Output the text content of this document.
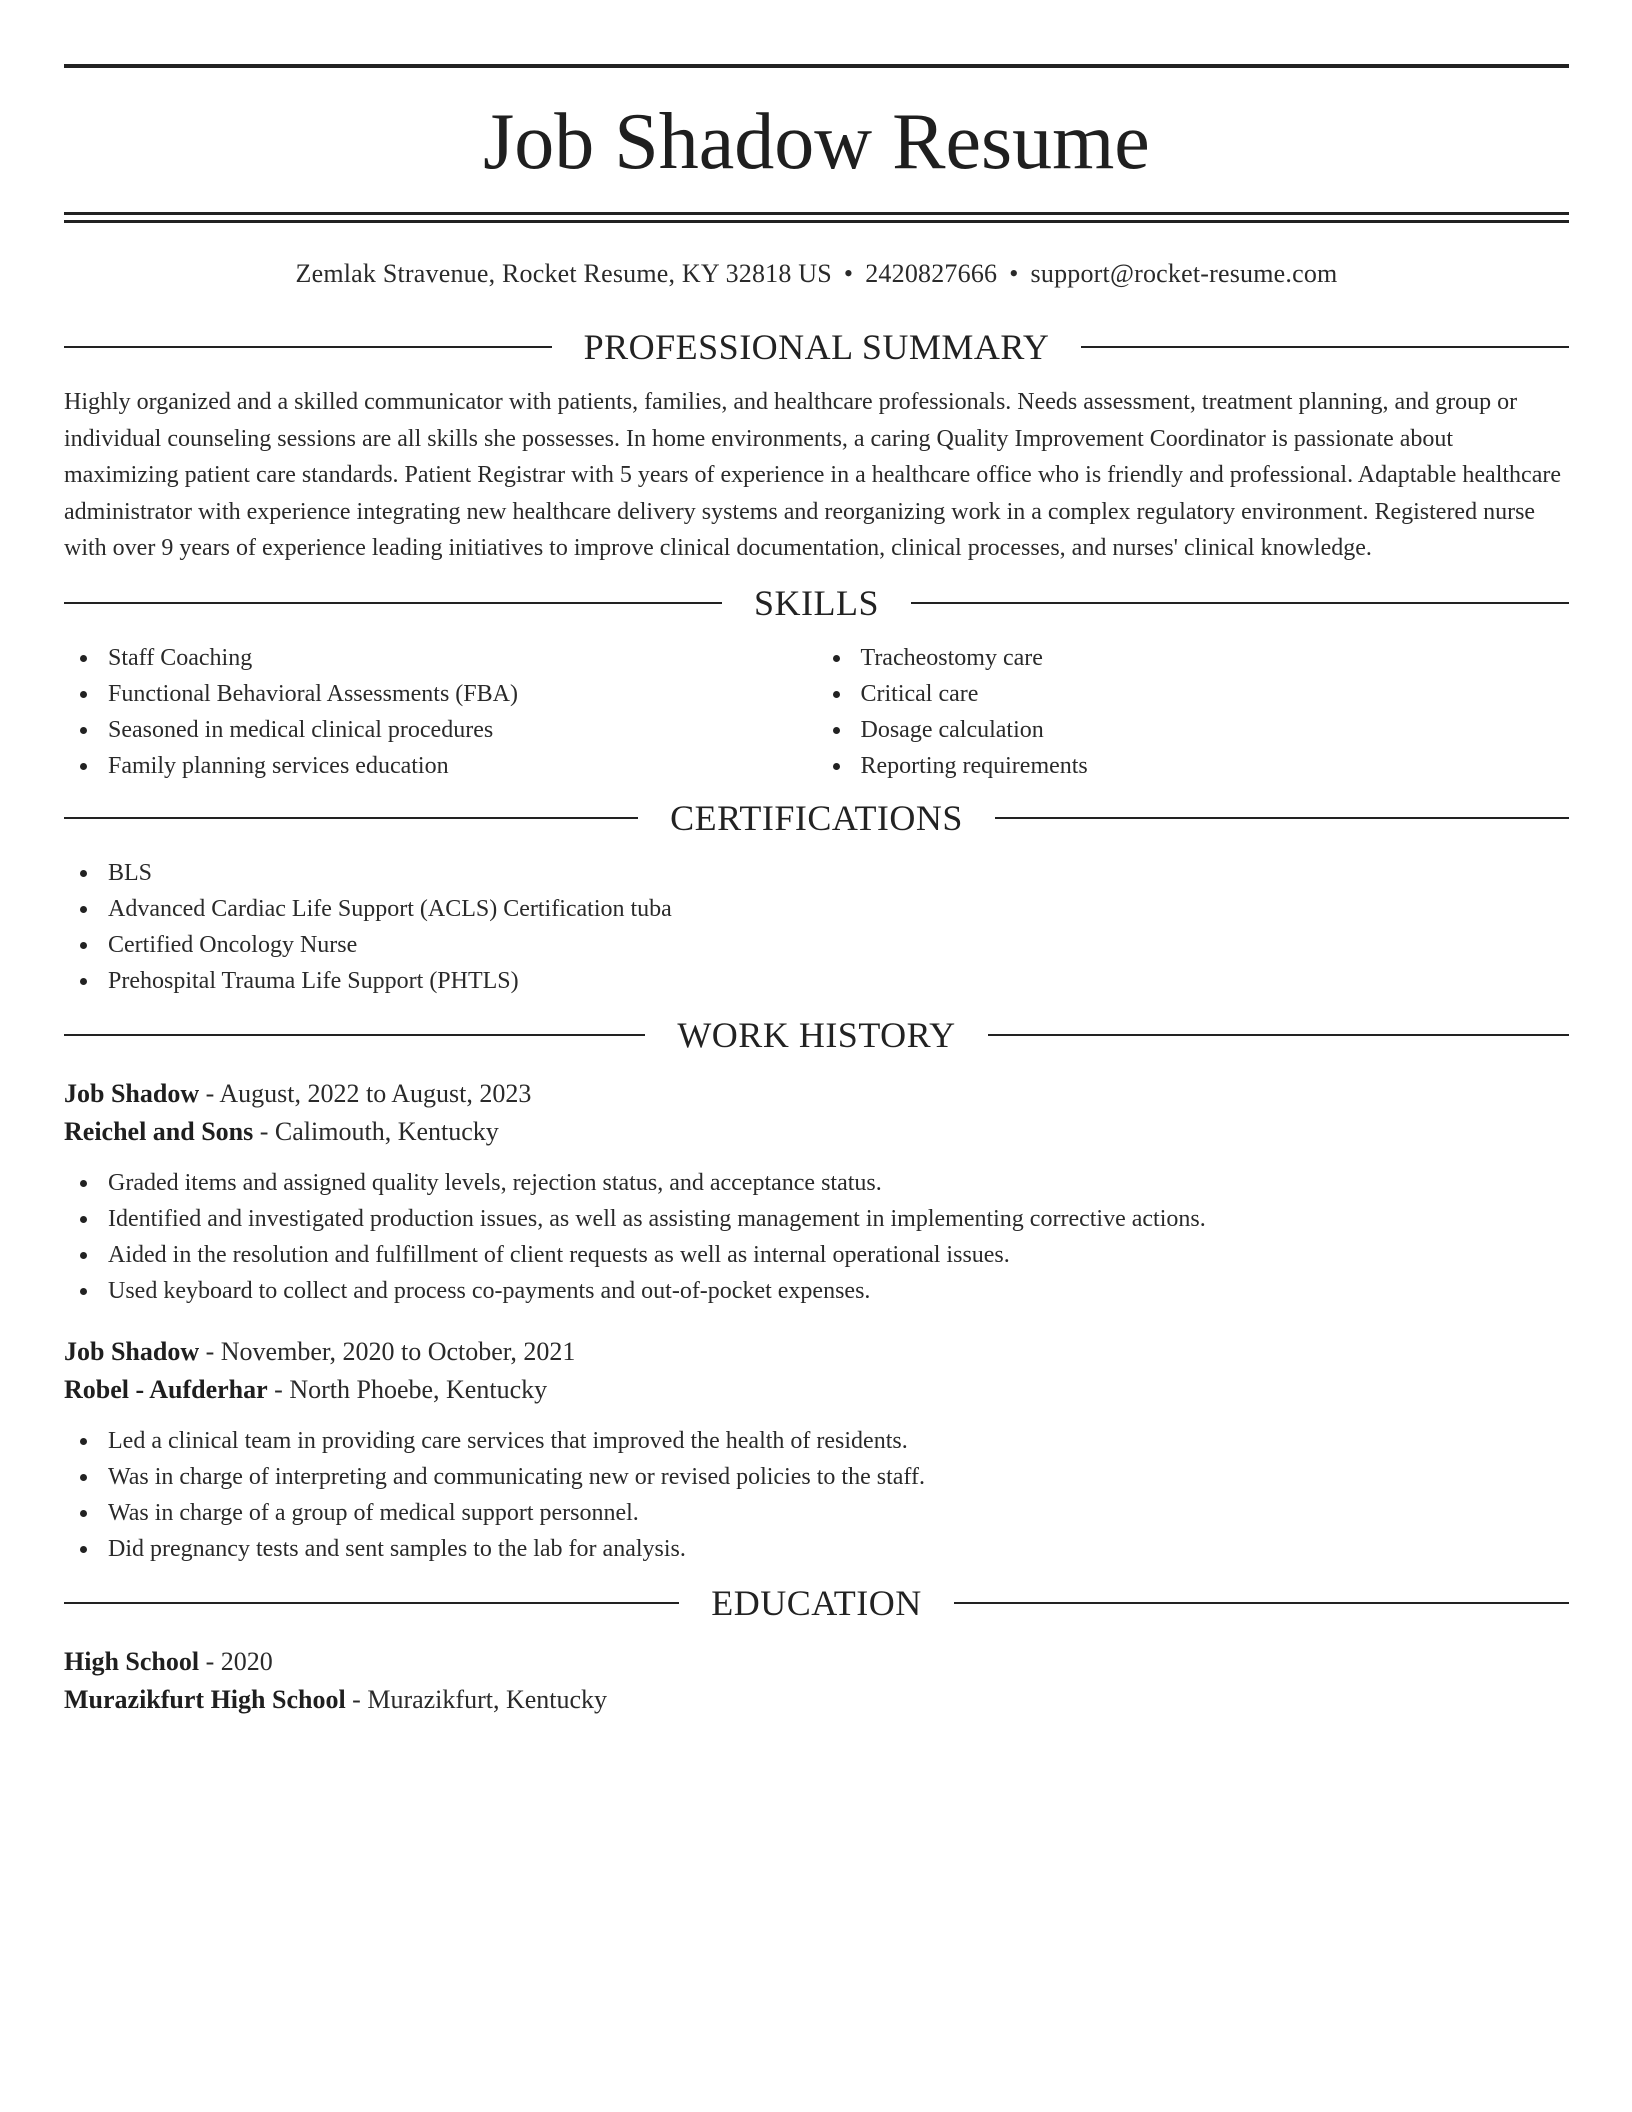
Job Shadow Resume
Zemlak Stravenue, Rocket Resume, KY 32818 US • 2420827666 • support@rocket-resume.com
PROFESSIONAL SUMMARY
Highly organized and a skilled communicator with patients, families, and healthcare professionals. Needs assessment, treatment planning, and group or individual counseling sessions are all skills she possesses. In home environments, a caring Quality Improvement Coordinator is passionate about maximizing patient care standards. Patient Registrar with 5 years of experience in a healthcare office who is friendly and professional. Adaptable healthcare administrator with experience integrating new healthcare delivery systems and reorganizing work in a complex regulatory environment. Registered nurse with over 9 years of experience leading initiatives to improve clinical documentation, clinical processes, and nurses' clinical knowledge.
SKILLS
Staff Coaching
Functional Behavioral Assessments (FBA)
Seasoned in medical clinical procedures
Family planning services education
Tracheostomy care
Critical care
Dosage calculation
Reporting requirements
CERTIFICATIONS
BLS
Advanced Cardiac Life Support (ACLS) Certification tuba
Certified Oncology Nurse
Prehospital Trauma Life Support (PHTLS)
WORK HISTORY
Job Shadow - August, 2022 to August, 2023
Reichel and Sons - Calimouth, Kentucky
Graded items and assigned quality levels, rejection status, and acceptance status.
Identified and investigated production issues, as well as assisting management in implementing corrective actions.
Aided in the resolution and fulfillment of client requests as well as internal operational issues.
Used keyboard to collect and process co-payments and out-of-pocket expenses.
Job Shadow - November, 2020 to October, 2021
Robel - Aufderhar - North Phoebe, Kentucky
Led a clinical team in providing care services that improved the health of residents.
Was in charge of interpreting and communicating new or revised policies to the staff.
Was in charge of a group of medical support personnel.
Did pregnancy tests and sent samples to the lab for analysis.
EDUCATION
High School - 2020
Murazikfurt High School - Murazikfurt, Kentucky
